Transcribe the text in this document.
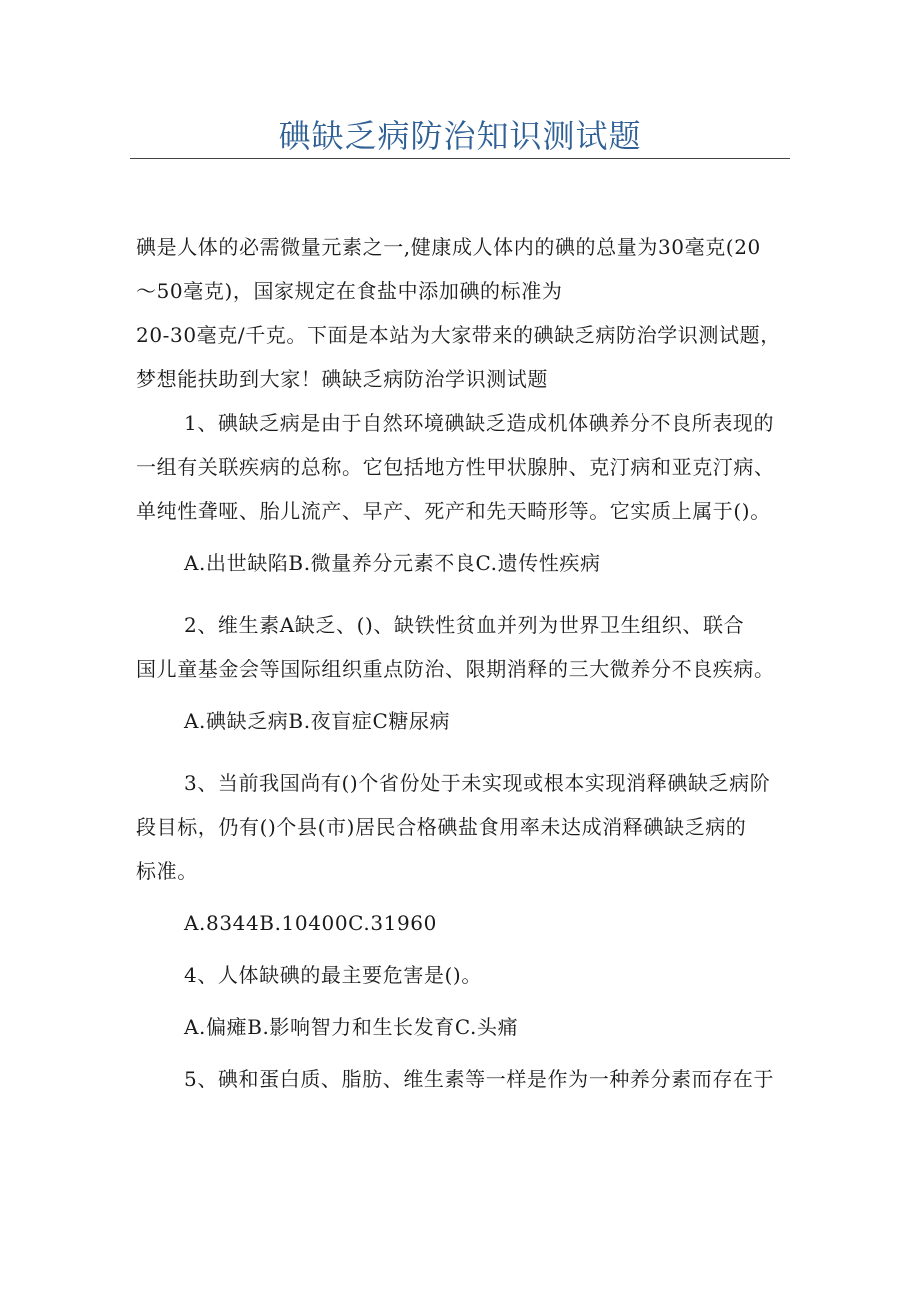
碘缺乏病防治知识测试题

碘是人体的必需微量元素之一,健康成人体内的碘的总量为30毫克(20

～50毫克)，国家规定在食盐中添加碘的标准为

20-30毫克/千克。下面是本站为大家带来的碘缺乏病防治学识测试题，

梦想能扶助到大家！碘缺乏病防治学识测试题

1、碘缺乏病是由于自然环境碘缺乏造成机体碘养分不良所表现的

一组有关联疾病的总称。它包括地方性甲状腺肿、克汀病和亚克汀病、

单纯性聋哑、胎儿流产、早产、死产和先天畸形等。它实质上属于()。

A.出世缺陷B.微量养分元素不良C.遗传性疾病

2、维生素A缺乏、()、缺铁性贫血并列为世界卫生组织、联合

国儿童基金会等国际组织重点防治、限期消释的三大微养分不良疾病。

A.碘缺乏病B.夜盲症C糖尿病

3、当前我国尚有()个省份处于未实现或根本实现消释碘缺乏病阶

段目标，仍有()个县(市)居民合格碘盐食用率未达成消释碘缺乏病的

标准。

A.8344B.10400C.31960

4、人体缺碘的最主要危害是()。

A.偏瘫B.影响智力和生长发育C.头痛

5、碘和蛋白质、脂肪、维生素等一样是作为一种养分素而存在于
